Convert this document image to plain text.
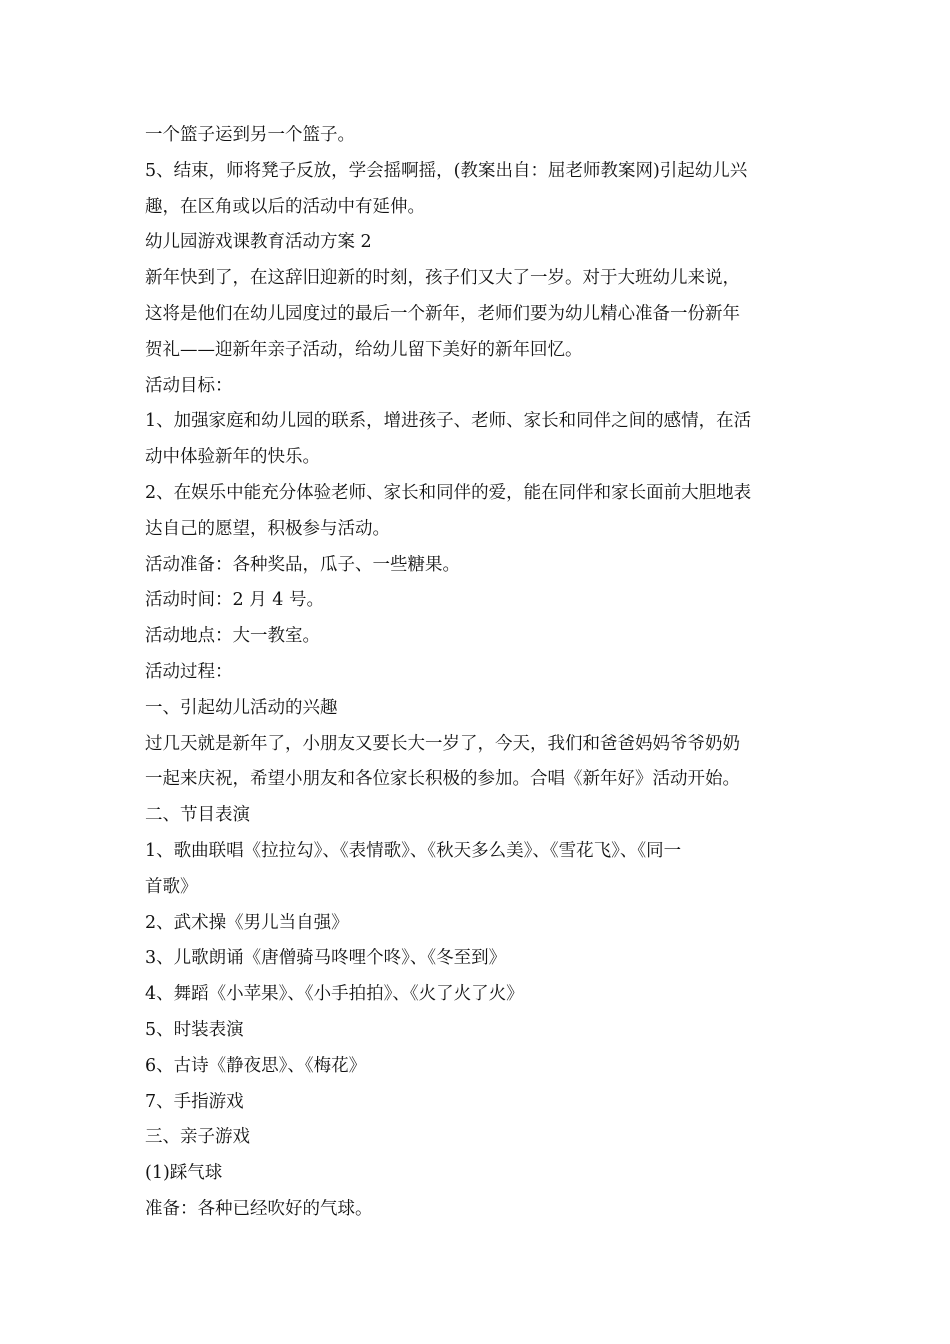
一个篮子运到另一个篮子。
5、结束，师将凳子反放，学会摇啊摇，(教案出自：屈老师教案网)引起幼儿兴
趣，在区角或以后的活动中有延伸。
幼儿园游戏课教育活动方案 2
新年快到了，在这辞旧迎新的时刻，孩子们又大了一岁。对于大班幼儿来说，
这将是他们在幼儿园度过的最后一个新年，老师们要为幼儿精心准备一份新年
贺礼——迎新年亲子活动，给幼儿留下美好的新年回忆。
活动目标：
1、加强家庭和幼儿园的联系，增进孩子、老师、家长和同伴之间的感情，在活
动中体验新年的快乐。
2、在娱乐中能充分体验老师、家长和同伴的爱，能在同伴和家长面前大胆地表
达自己的愿望，积极参与活动。
活动准备：各种奖品，瓜子、一些糖果。
活动时间：2 月 4 号。
活动地点：大一教室。
活动过程：
一、引起幼儿活动的兴趣
过几天就是新年了，小朋友又要长大一岁了，今天，我们和爸爸妈妈爷爷奶奶
一起来庆祝，希望小朋友和各位家长积极的参加。合唱《新年好》活动开始。
二、节目表演
1、歌曲联唱《拉拉勾》、《表情歌》、《秋天多么美》、《雪花飞》、《同一
首歌》
2、武术操《男儿当自强》
3、儿歌朗诵《唐僧骑马咚哩个咚》、《冬至到》
4、舞蹈《小苹果》、《小手拍拍》、《火了火了火》
5、时装表演
6、古诗《静夜思》、《梅花》
7、手指游戏
三、亲子游戏
(1)踩气球
准备：各种已经吹好的气球。
